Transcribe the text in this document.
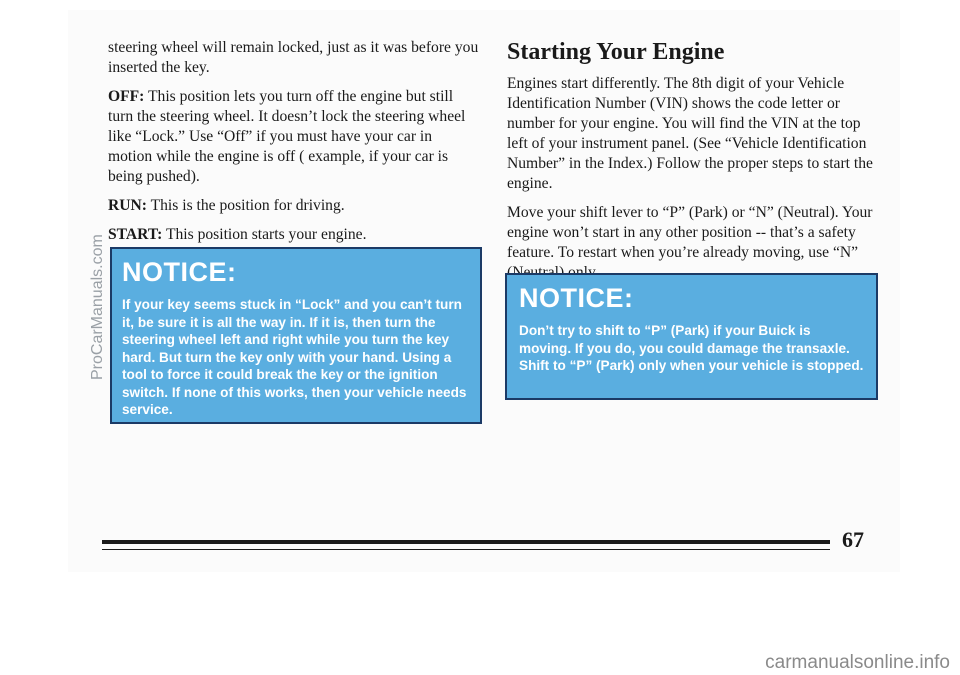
ProCarManuals.com

steering wheel will remain locked, just as it was before you inserted the key.

OFF: This position lets you turn off the engine but still turn the steering wheel. It doesn’t lock the steering wheel like “Lock.” Use “Off” if you must have your car in motion while the engine is off ( example, if your car is being pushed).

RUN: This is the position for driving.

START: This position starts your engine.

NOTICE:
If your key seems stuck in “Lock” and you can’t turn it, be sure it is all the way in. If it is, then turn the steering wheel left and right while you turn the key hard. But turn the key only with your hand. Using a tool to force it could break the key or the ignition switch. If none of this works, then your vehicle needs service.
Starting Your Engine

Engines start differently. The 8th digit of your Vehicle Identification Number (VIN) shows the code letter or number for your engine. You will find the VIN at the top left of your instrument panel. (See “Vehicle Identification Number” in the Index.) Follow the proper steps to start the engine.

Move your shift lever to “P” (Park) or “N” (Neutral). Your engine won’t start in any other position -- that’s a safety feature. To restart when you’re already moving, use “N”

NOTICE:
Don’t try to shift to “P” (Park) if your Buick is moving. If you do, you could damage the transaxle. Shift to “P” (Park) only when your vehicle is stopped.
67
carmanualsonline.info
